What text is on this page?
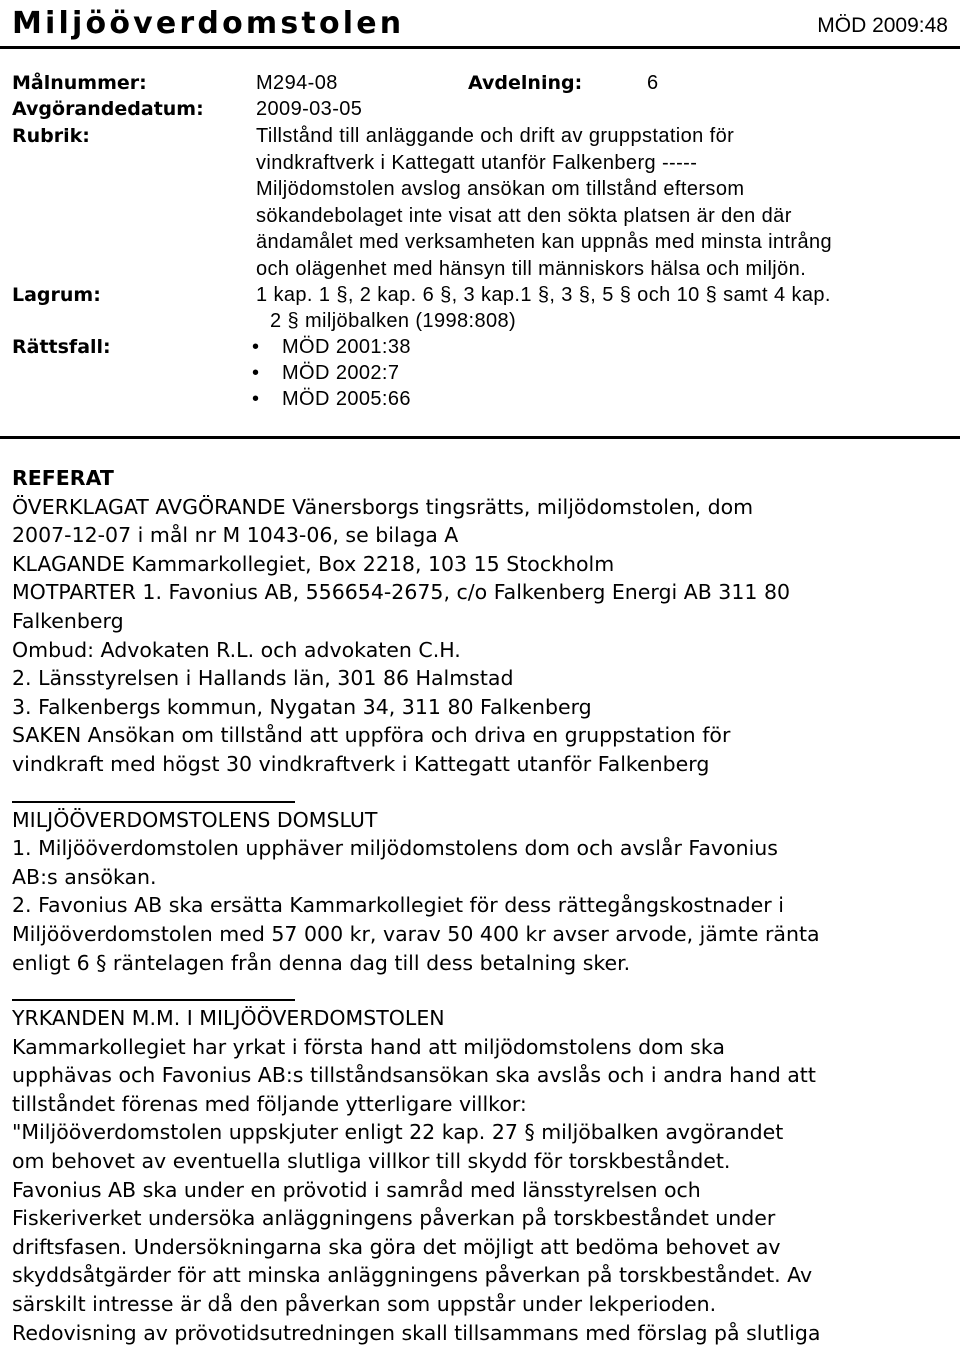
Miljööverdomstolen	MÖD 2009:48
Målnummer:	M294-08	Avdelning:	6
Avgörandedatum:	2009-03-05
Rubrik:	Tillstånd till anläggande och drift av gruppstation för
vindkraftverk i Kattegatt utanför Falkenberg -----
Miljödomstolen avslog ansökan om tillstånd eftersom
sökandebolaget inte visat att den sökta platsen är den där
ändamålet med verksamheten kan uppnås med minsta intrång
och olägenhet med hänsyn till människors hälsa och miljön.
Lagrum:	1 kap. 1 §, 2 kap. 6 §, 3 kap.1 §, 3 §, 5 § och 10 § samt 4 kap.
2 § miljöbalken (1998:808)
Rättsfall:
•	MÖD 2001:38
• MÖD 2002:7
• MÖD 2005:66
REFERAT
ÖVERKLAGAT AVGÖRANDE Vänersborgs tingsrätts, miljödomstolen, dom
2007-12-07 i mål nr M 1043-06, se bilaga A
KLAGANDE Kammarkollegiet, Box 2218, 103 15 Stockholm
MOTPARTER 1. Favonius AB, 556654-2675, c/o Falkenberg Energi AB 311 80
Falkenberg
Ombud: Advokaten R.L. och advokaten C.H.
2. Länsstyrelsen i Hallands län, 301 86 Halmstad
3. Falkenbergs kommun, Nygatan 34, 311 80 Falkenberg
SAKEN Ansökan om tillstånd att uppföra och driva en gruppstation för
vindkraft med högst 30 vindkraftverk i Kattegatt utanför Falkenberg
MILJÖÖVERDOMSTOLENS DOMSLUT
1. Miljööverdomstolen upphäver miljödomstolens dom och avslår Favonius
AB:s ansökan.
2. Favonius AB ska ersätta Kammarkollegiet för dess rättegångskostnader i
Miljööverdomstolen med 57 000 kr, varav 50 400 kr avser arvode, jämte ränta
enligt 6 § räntelagen från denna dag till dess betalning sker.
YRKANDEN M.M. I MILJÖÖVERDOMSTOLEN
Kammarkollegiet har yrkat i första hand att miljödomstolens dom ska
upphävas och Favonius AB:s tillståndsansökan ska avslås och i andra hand att
tillståndet förenas med följande ytterligare villkor:
"Miljööverdomstolen uppskjuter enligt 22 kap. 27 § miljöbalken avgörandet
om behovet av eventuella slutliga villkor till skydd för torskbeståndet.
Favonius AB ska under en prövotid i samråd med länsstyrelsen och
Fiskeriverket undersöka anläggningens påverkan på torskbeståndet under
driftsfasen. Undersökningarna ska göra det möjligt att bedöma behovet av
skyddsåtgärder för att minska anläggningens påverkan på torskbeståndet. Av
särskilt intresse är då den påverkan som uppstår under lekperioden.
Redovisning av prövotidsutredningen skall tillsammans med förslag på slutliga
